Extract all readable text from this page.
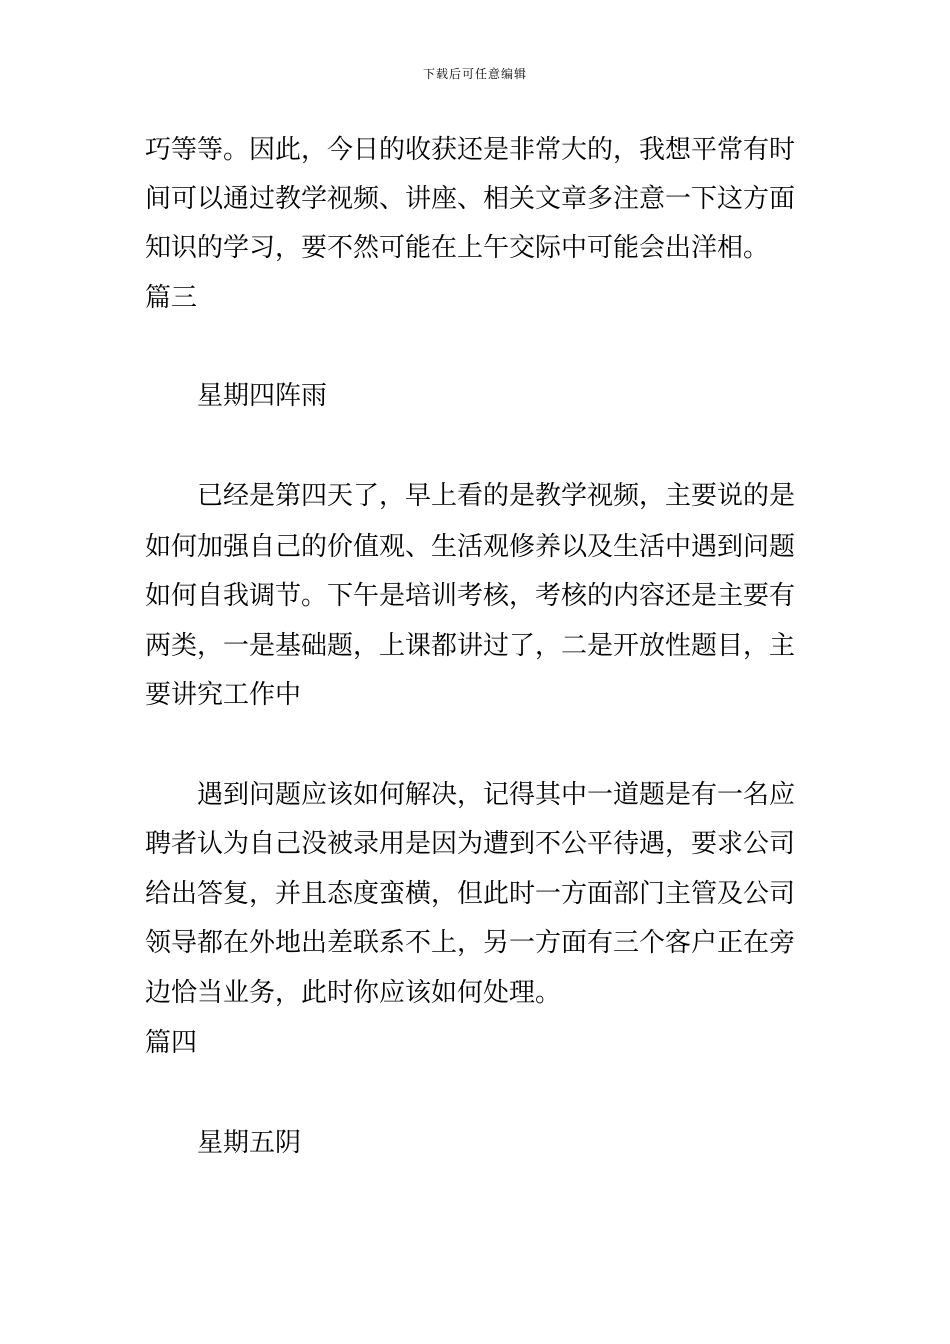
下载后可任意编辑
巧等等。因此，今日的收获还是非常大的，我想平常有时
间可以通过教学视频、讲座、相关文章多注意一下这方面
知识的学习，要不然可能在上午交际中可能会出洋相。
篇三
星期四阵雨
已经是第四天了，早上看的是教学视频，主要说的是
如何加强自己的价值观、生活观修养以及生活中遇到问题
如何自我调节。下午是培训考核，考核的内容还是主要有
两类，一是基础题，上课都讲过了，二是开放性题目，主
要讲究工作中
遇到问题应该如何解决，记得其中一道题是有一名应
聘者认为自己没被录用是因为遭到不公平待遇，要求公司
给出答复，并且态度蛮横，但此时一方面部门主管及公司
领导都在外地出差联系不上，另一方面有三个客户正在旁
边恰当业务，此时你应该如何处理。
篇四
星期五阴
